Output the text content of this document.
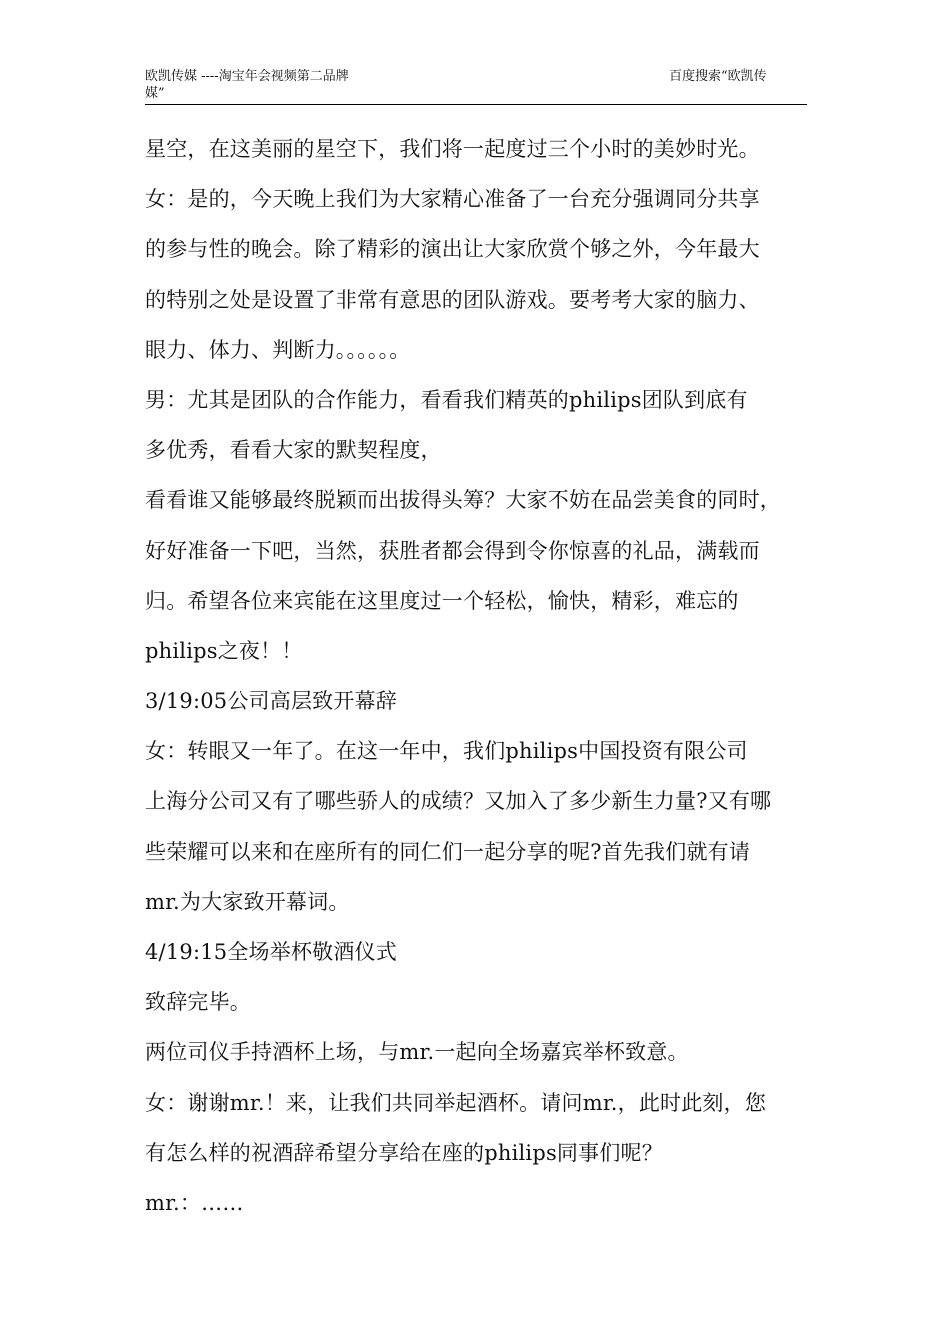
欧凯传媒 ----淘宝年会视频第二品牌
媒”
百度搜索“欧凯传
星空，在这美丽的星空下，我们将一起度过三个小时的美妙时光。
女：是的，今天晚上我们为大家精心准备了一台充分强调同分共享
的参与性的晚会。除了精彩的演出让大家欣赏个够之外，今年最大
的特别之处是设置了非常有意思的团队游戏。要考考大家的脑力、
眼力、体力、判断力。。。。。。
男：尤其是团队的合作能力，看看我们精英的philips团队到底有
多优秀，看看大家的默契程度，
看看谁又能够最终脱颖而出拔得头筹？大家不妨在品尝美食的同时，
好好准备一下吧，当然，获胜者都会得到令你惊喜的礼品，满载而
归。希望各位来宾能在这里度过一个轻松，愉快，精彩，难忘的
philips之夜！！
3/19:05公司高层致开幕辞
女：转眼又一年了。在这一年中，我们philips中国投资有限公司
上海分公司又有了哪些骄人的成绩？又加入了多少新生力量?又有哪
些荣耀可以来和在座所有的同仁们一起分享的呢?首先我们就有请
mr.为大家致开幕词。
4/19:15全场举杯敬酒仪式
致辞完毕。
两位司仪手持酒杯上场，与mr.一起向全场嘉宾举杯致意。
女：谢谢mr.！来，让我们共同举起酒杯。请问mr.，此时此刻，您
有怎么样的祝酒辞希望分享给在座的philips同事们呢？
mr.：……
